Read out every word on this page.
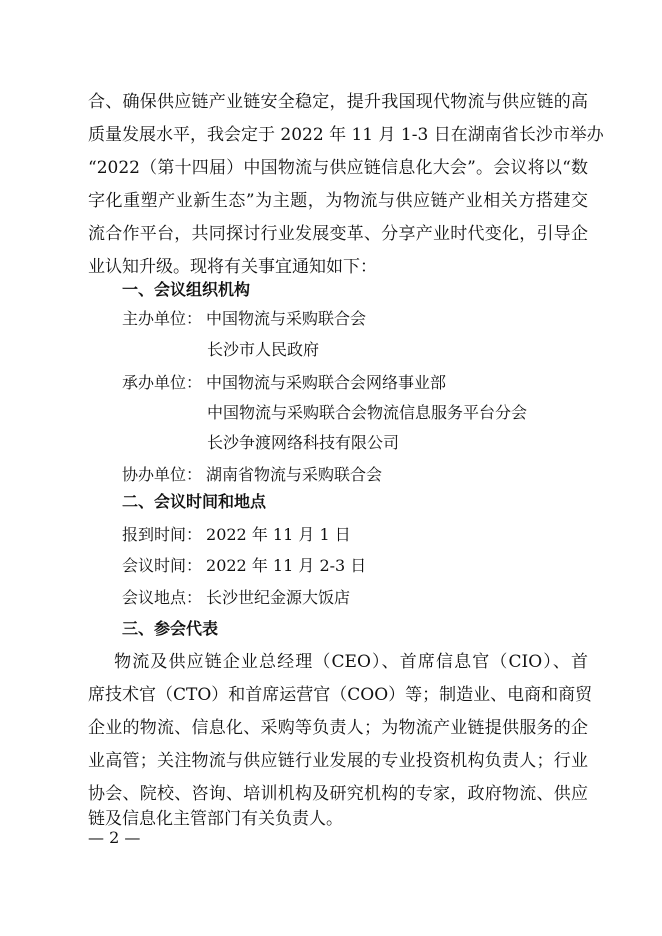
合、确保供应链产业链安全稳定，提升我国现代物流与供应链的高
质量发展水平，我会定于 2022 年 11 月 1-3 日在湖南省长沙市举办
“2022（第十四届）中国物流与供应链信息化大会”。会议将以“数
字化重塑产业新生态”为主题，为物流与供应链产业相关方搭建交
流合作平台，共同探讨行业发展变革、分享产业时代变化，引导企
业认知升级。现将有关事宜通知如下：
一、会议组织机构
主办单位： 中国物流与采购联合会
长沙市人民政府
承办单位： 中国物流与采购联合会网络事业部
中国物流与采购联合会物流信息服务平台分会
长沙争渡网络科技有限公司
协办单位： 湖南省物流与采购联合会
二、会议时间和地点
报到时间： 2022 年 11 月 1 日
会议时间： 2022 年 11 月 2-3 日
会议地点： 长沙世纪金源大饭店
三、参会代表
物流及供应链企业总经理（CEO）、首席信息官（CIO）、首
席技术官（CTO）和首席运营官（COO）等；制造业、电商和商贸
企业的物流、信息化、采购等负责人；为物流产业链提供服务的企
业高管；关注物流与供应链行业发展的专业投资机构负责人；行业
协会、院校、咨询、培训机构及研究机构的专家，政府物流、供应
链及信息化主管部门有关负责人。
— 2 —
